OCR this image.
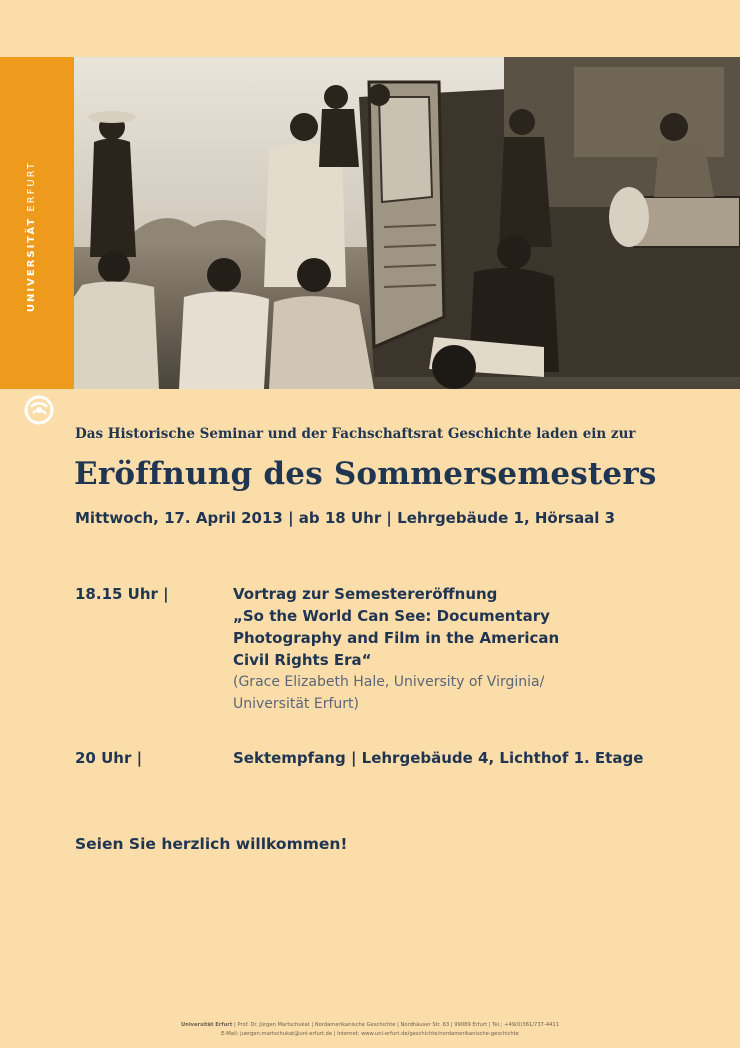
UNIVERSITÄT ERFURT
Das Historische Seminar und der Fachschaftsrat Geschichte laden ein zur
Eröffnung des Sommersemesters
Mittwoch, 17. April 2013 | ab 18 Uhr | Lehrgebäude 1, Hörsaal 3
18.15 Uhr |	Vortrag zur Semestereröffnung
„So the World Can See: Documentary
Photography and Film in the American
Civil Rights Era“
(Grace Elizabeth Hale, University of Virginia/
Universität Erfurt)
20 Uhr |	Sektempfang | Lehrgebäude 4, Lichthof 1. Etage
Seien Sie herzlich willkommen!
Universität Erfurt | Prof. Dr. Jürgen Martschukat | Nordamerikanische Geschichte | Nordhäuser Str. 63 | 99089 Erfurt | Tel.: +49(0)361/737-4411
E-Mail: juergen.martschukat@uni-erfurt.de | Internet: www.uni-erfurt.de/geschichte/nordamerikanische-geschichte
